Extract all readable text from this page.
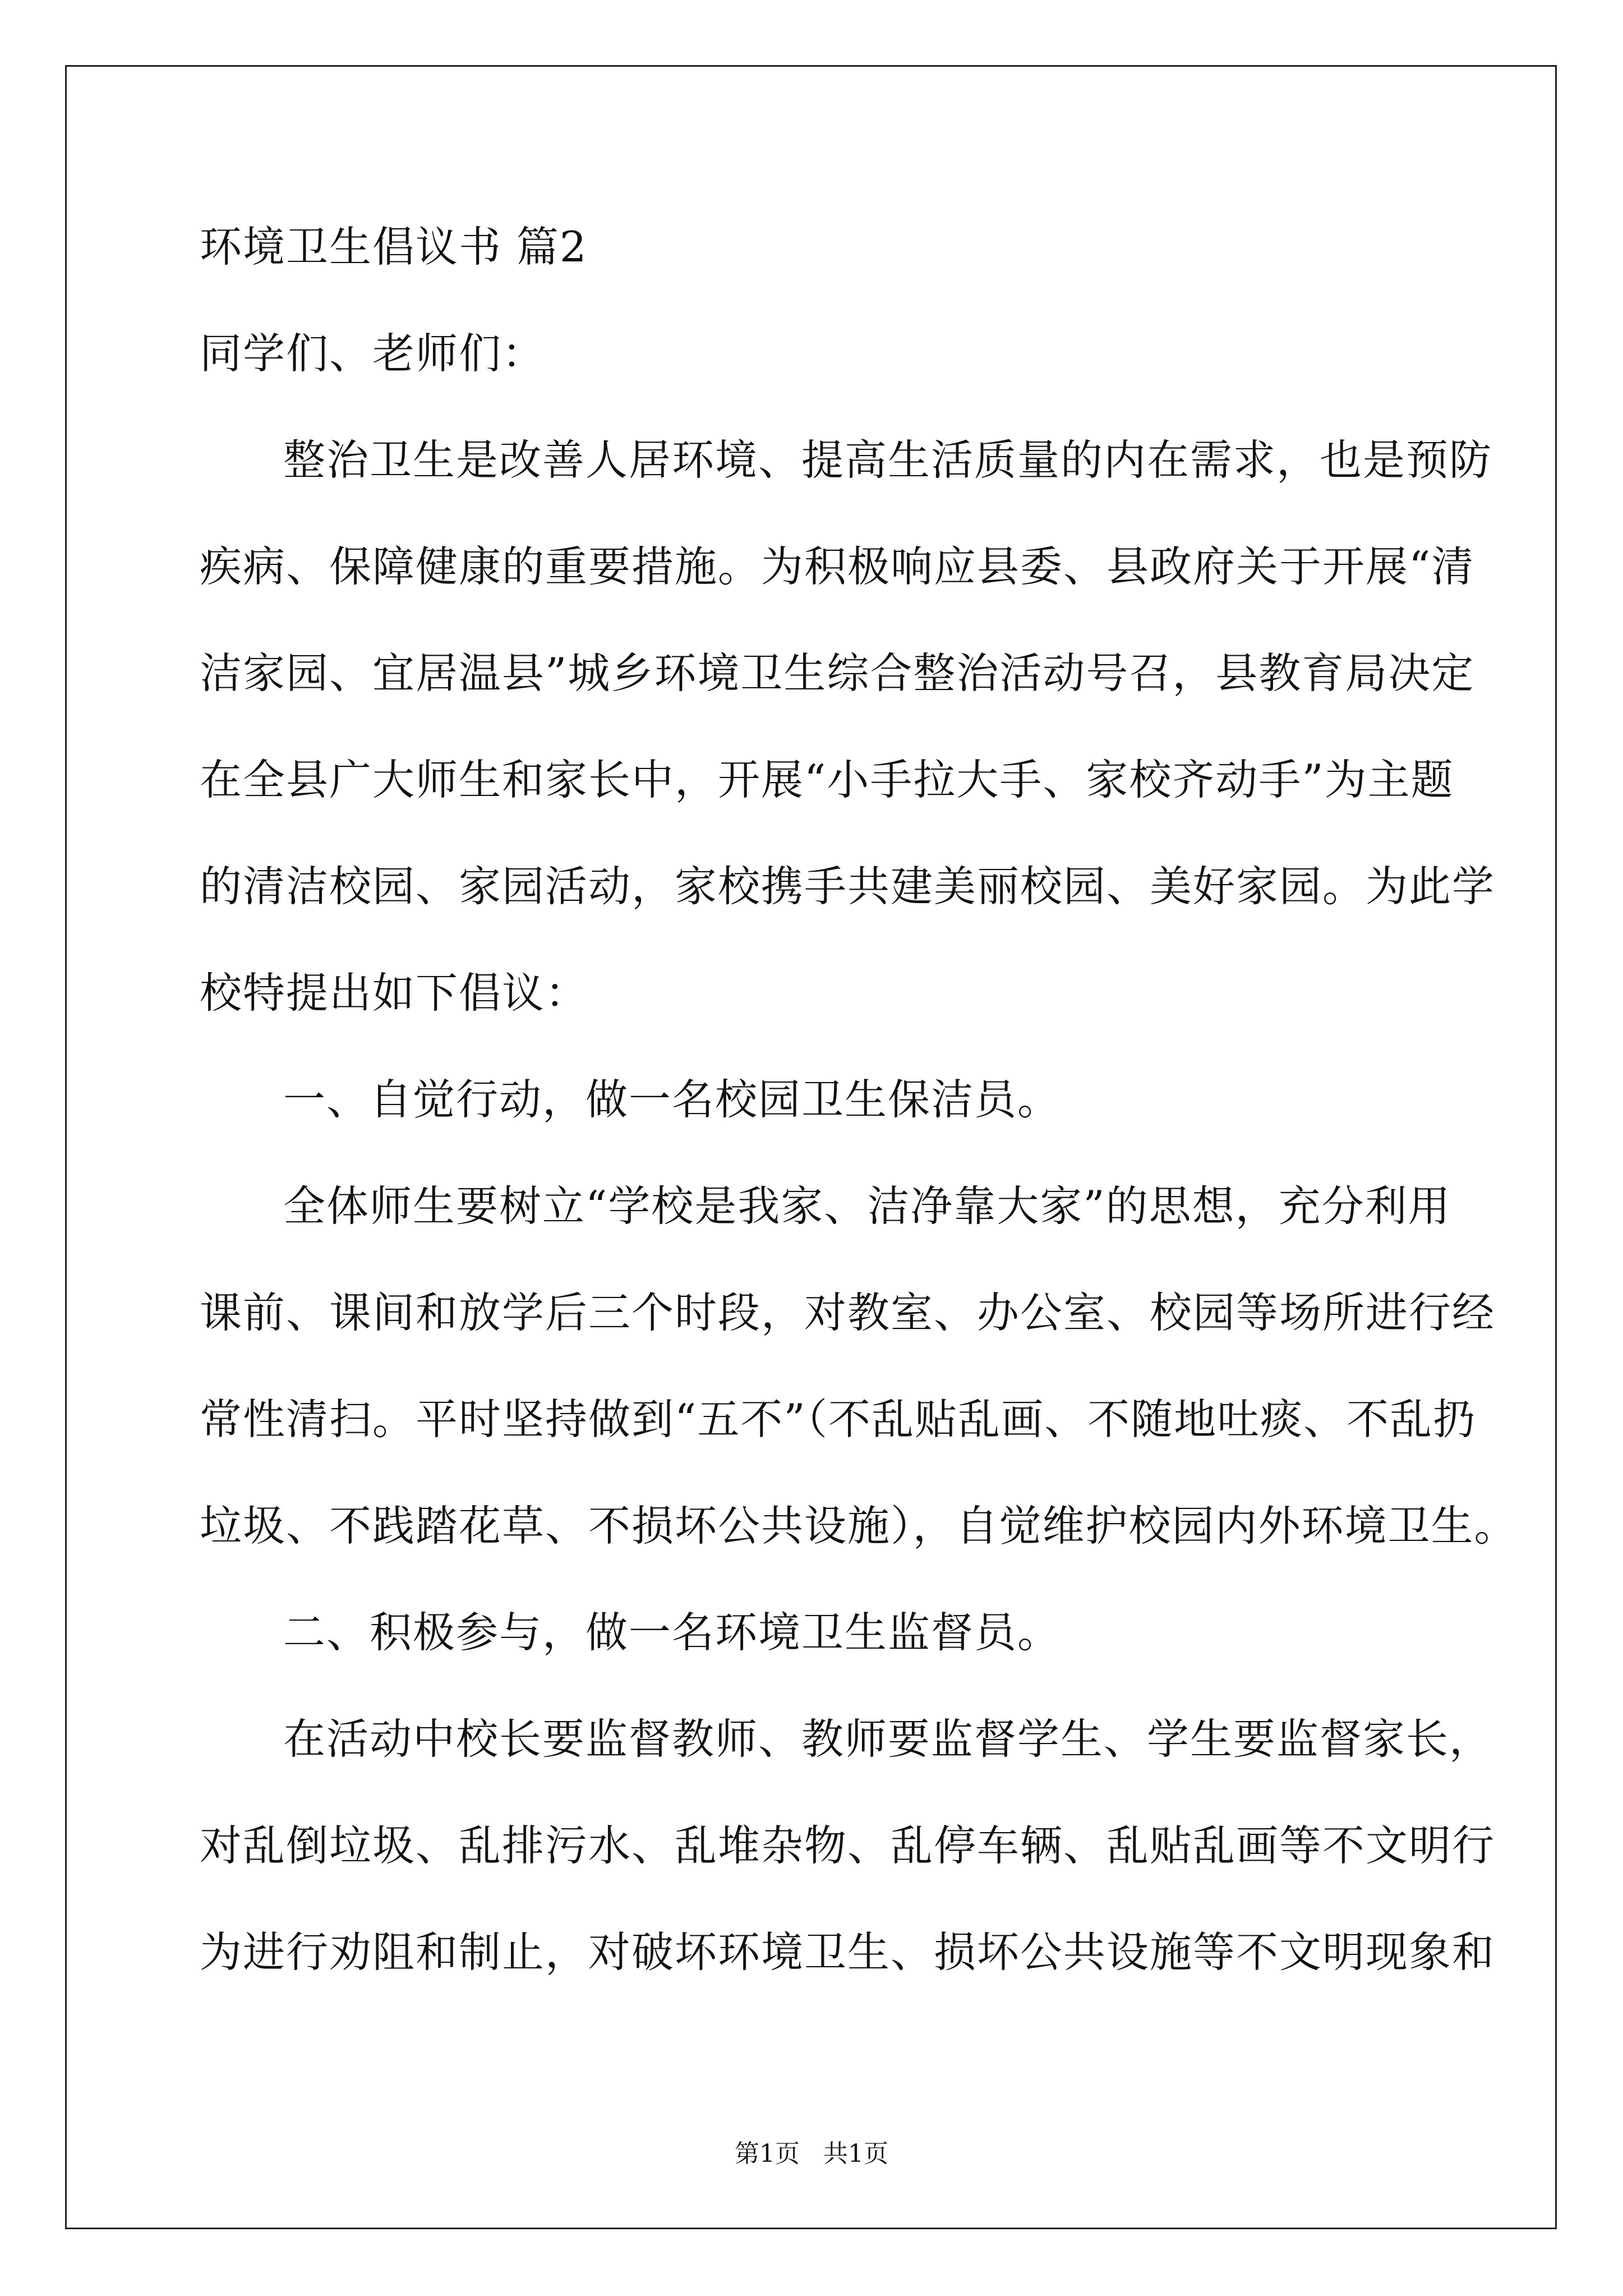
环境卫生倡议书 篇2
同学们、老师们：
整治卫生是改善人居环境、提高生活质量的内在需求，也是预防
疾病、保障健康的重要措施。为积极响应县委、县政府关于开展“清
洁家园、宜居温县”城乡环境卫生综合整治活动号召，县教育局决定
在全县广大师生和家长中，开展“小手拉大手、家校齐动手”为主题
的清洁校园、家园活动，家校携手共建美丽校园、美好家园。为此学
校特提出如下倡议：
一、自觉行动，做一名校园卫生保洁员。
全体师生要树立“学校是我家、洁净靠大家”的思想，充分利用
课前、课间和放学后三个时段，对教室、办公室、校园等场所进行经
常性清扫。平时坚持做到“五不”（不乱贴乱画、不随地吐痰、不乱扔
垃圾、不践踏花草、不损坏公共设施），自觉维护校园内外环境卫生。
二、积极参与，做一名环境卫生监督员。
在活动中校长要监督教师、教师要监督学生、学生要监督家长，
对乱倒垃圾、乱排污水、乱堆杂物、乱停车辆、乱贴乱画等不文明行
为进行劝阻和制止，对破坏环境卫生、损坏公共设施等不文明现象和
第1页   共1页
